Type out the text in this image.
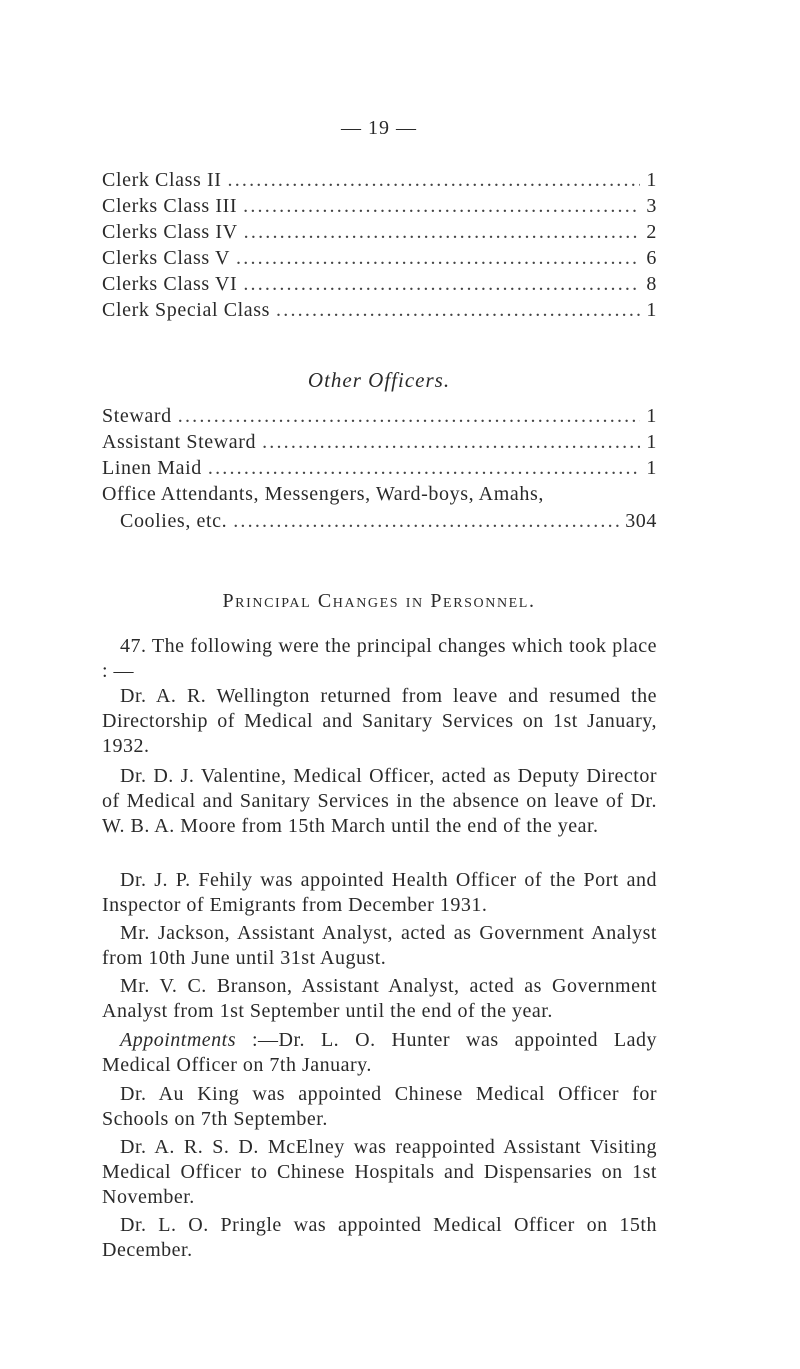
— 19 —
Clerk Class II . . .	1
Clerks Class III . . .	3
Clerks Class IV . . .	2
Clerks Class V . . .	6
Clerks Class VI . . .	8
Clerk Special Class . . .	1
Other Officers.
Steward . . .	1
Assistant Steward . . .	1
Linen Maid . . .	1
Office Attendants, Messengers, Ward-boys, Amahs,
Coolies, etc. . . .	304
Principal Changes in Personnel.

47. The following were the principal changes which took place : —

Dr. A. R. Wellington returned from leave and resumed the Directorship of Medical and Sanitary Services on 1st January, 1932.

Dr. D. J. Valentine, Medical Officer, acted as Deputy Director of Medical and Sanitary Services in the absence on leave of Dr. W. B. A. Moore from 15th March until the end of the year.

Dr. J. P. Fehily was appointed Health Officer of the Port and Inspector of Emigrants from December 1931.

Mr. Jackson, Assistant Analyst, acted as Government Analyst from 10th June until 31st August.

Mr. V. C. Branson, Assistant Analyst, acted as Government Analyst from 1st September until the end of the year.

Appointments :—Dr. L. O. Hunter was appointed Lady Medical Officer on 7th January.

Dr. Au King was appointed Chinese Medical Officer for Schools on 7th September.

Dr. A. R. S. D. McElney was reappointed Assistant Visiting Medical Officer to Chinese Hospitals and Dispensaries on 1st November.

Dr. L. O. Pringle was appointed Medical Officer on 15th December.
